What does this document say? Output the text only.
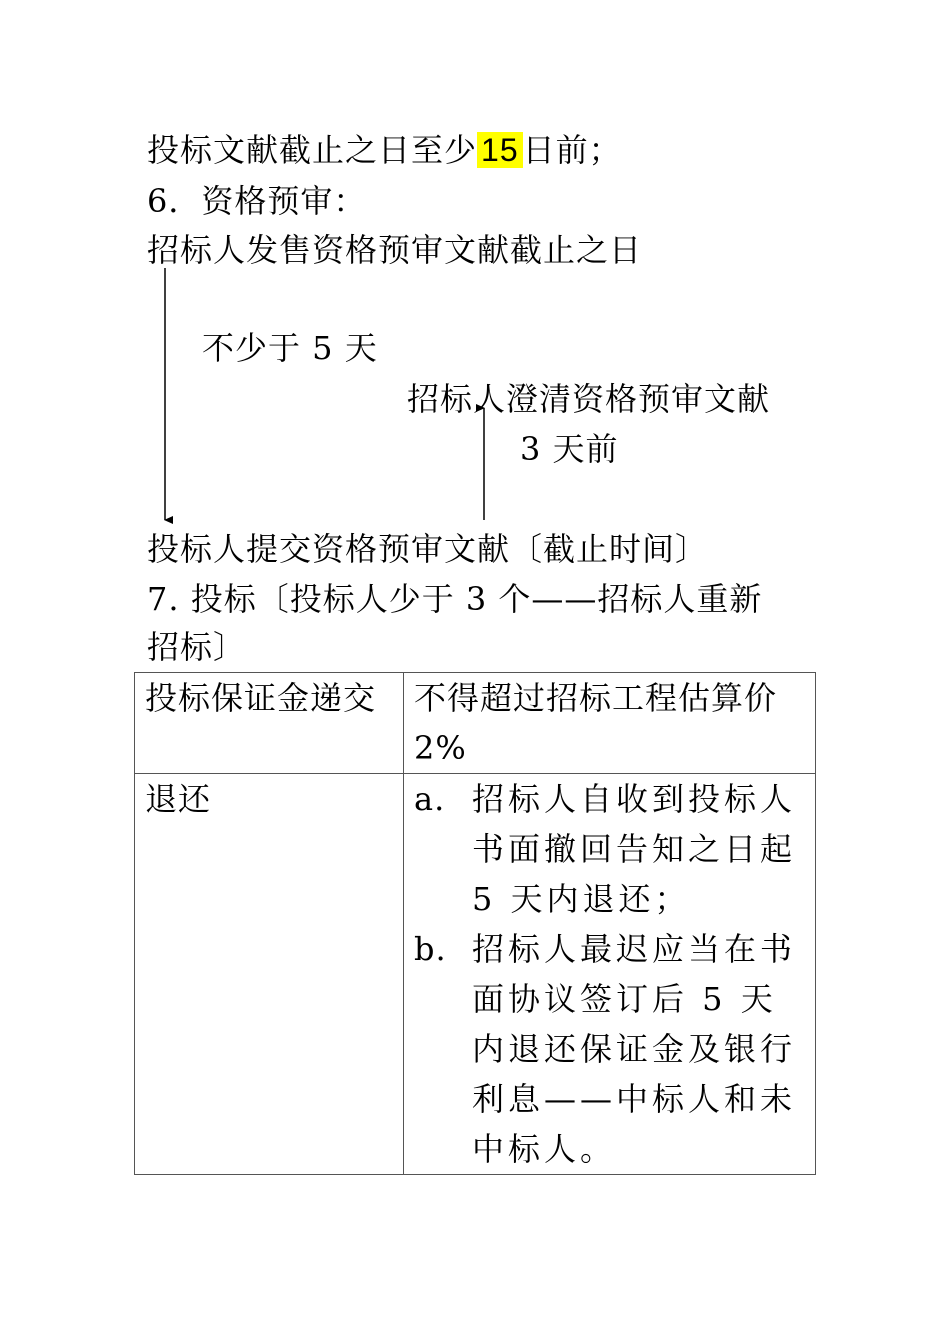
投标文献截止之日至少 15 日前；
6．资格预审：
招标人发售资格预审文献截止之日
不少于 5 天
招标人澄清资格预审文献
3 天前
投标人提交资格预审文献〔截止时间〕
7. 投标〔投标人少于 3 个——招标人重新
招标〕
投标保证金递交	不得超过招标工程估算价
2%

退还	a. 招标人自收到投标人书面撤回告知之日起 5 天内退还；
b. 招标人最迟应当在书面协议签订后 5 天内退还保证金及银行利息——中标人和未中标人。
